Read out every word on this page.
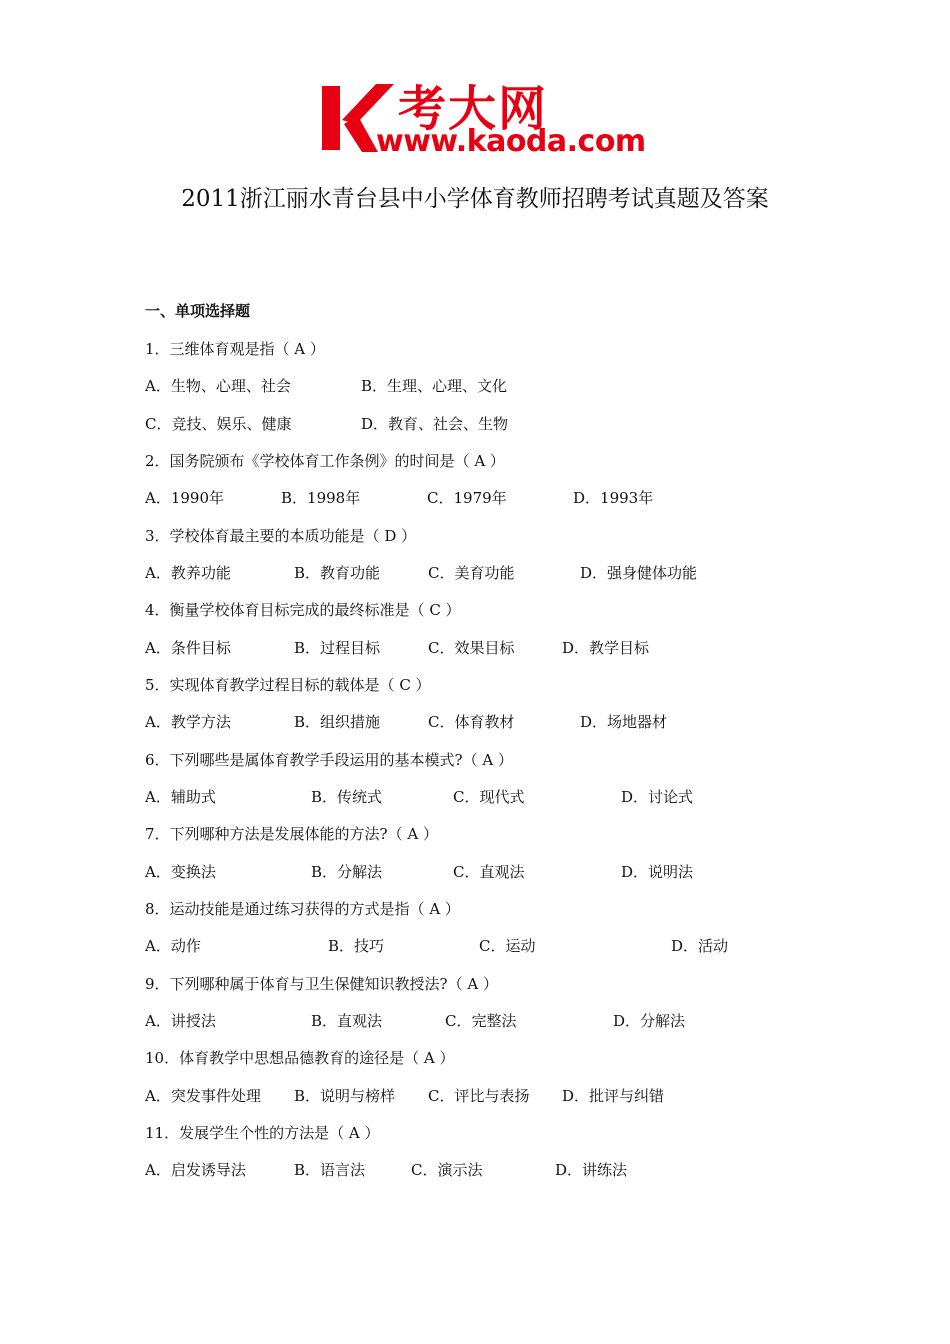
考大网
www.kaoda.com
2011浙江丽水青台县中小学体育教师招聘考试真题及答案
一、单项选择题
1．三维体育观是指（ A ）
A．生物、心理、社会	B．生理、心理、文化
C．竞技、娱乐、健康	D．教育、社会、生物
2．国务院颁布《学校体育工作条例》的时间是（ A ）
A．1990年	B．1998年	C．1979年	D．1993年
3．学校体育最主要的本质功能是（ D ）
A．教养功能	B．教育功能	C．美育功能	D．强身健体功能
4．衡量学校体育目标完成的最终标准是（ C ）
A．条件目标	B．过程目标	C．效果目标	D．教学目标
5．实现体育教学过程目标的载体是（ C ）
A．教学方法	B．组织措施	C．体育教材	D．场地器材
6．下列哪些是属体育教学手段运用的基本模式?（ A ）
A．辅助式	B．传统式	C．现代式	D．讨论式
7．下列哪种方法是发展体能的方法?（ A ）
A．变换法	B．分解法	C．直观法	D．说明法
8．运动技能是通过练习获得的方式是指（ A ）
A．动作	B．技巧	C．运动	D．活动
9．下列哪种属于体育与卫生保健知识教授法?（ A ）
A．讲授法	B．直观法	C．完整法	D．分解法
10．体育教学中思想品德教育的途径是（ A ）
A．突发事件处理 B．说明与榜样 C．评比与表扬 D．批评与纠错
11．发展学生个性的方法是（ A ）
A．启发诱导法	B．语言法	C．演示法	D．讲练法
